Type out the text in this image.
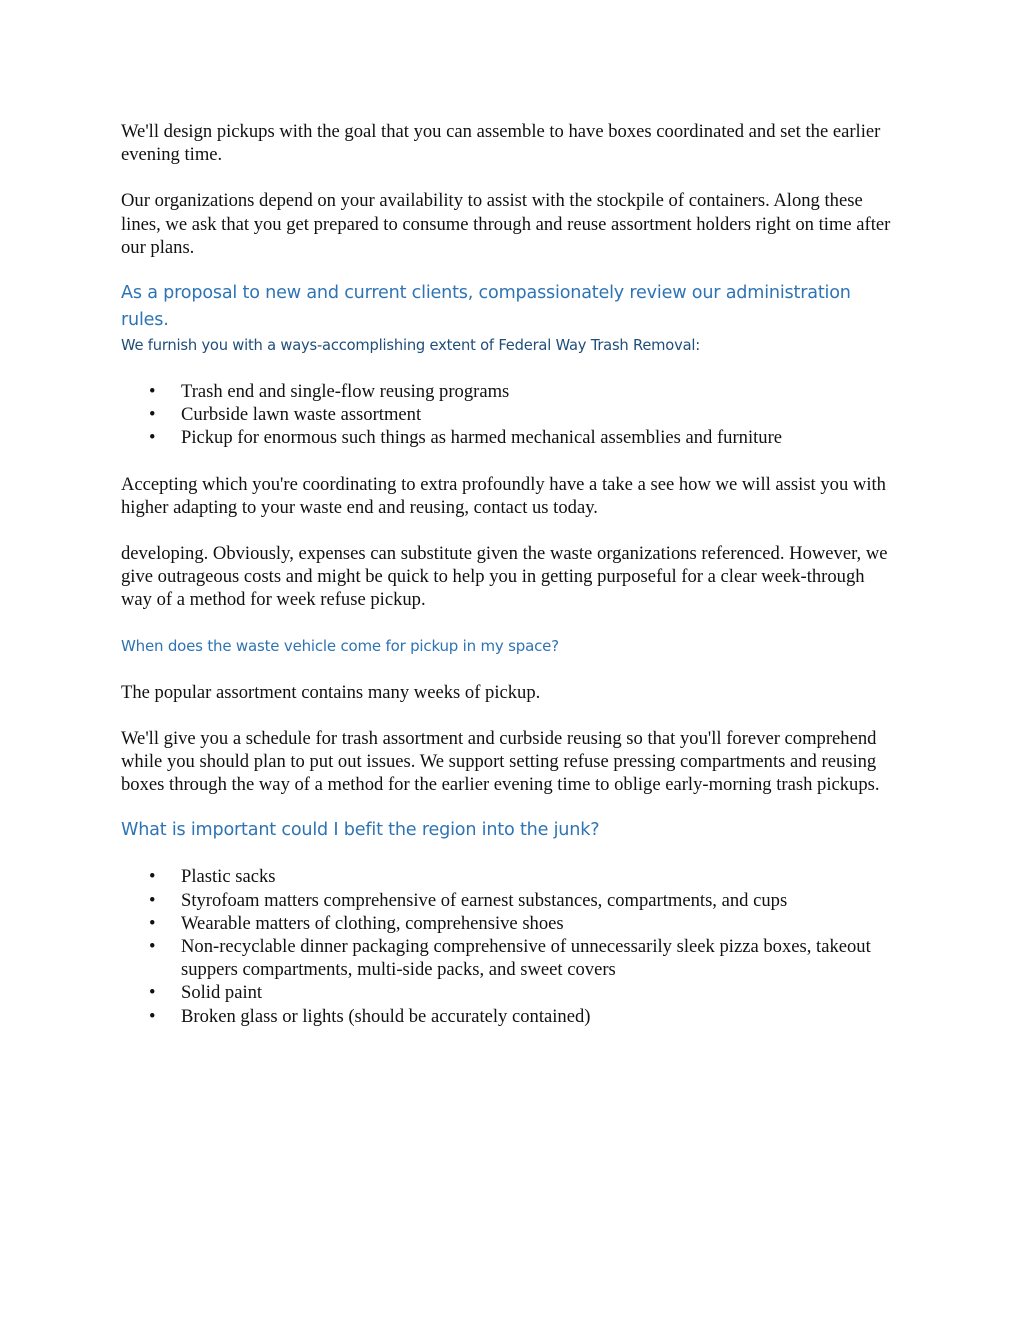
We'll design pickups with the goal that you can assemble to have boxes coordinated and set the earlier evening time.

Our organizations depend on your availability to assist with the stockpile of containers. Along these lines, we ask that you get prepared to consume through and reuse assortment holders right on time after our plans.

As a proposal to new and current clients, compassionately review our administration rules.
We furnish you with a ways-accomplishing extent of Federal Way Trash Removal:
• Trash end and single-flow reusing programs
• Curbside lawn waste assortment
• Pickup for enormous such things as harmed mechanical assemblies and furniture

Accepting which you're coordinating to extra profoundly have a take a see how we will assist you with higher adapting to your waste end and reusing, contact us today.

developing. Obviously, expenses can substitute given the waste organizations referenced. However, we give outrageous costs and might be quick to help you in getting purposeful for a clear week-through way of a method for week refuse pickup.

When does the waste vehicle come for pickup in my space?

The popular assortment contains many weeks of pickup.

We'll give you a schedule for trash assortment and curbside reusing so that you'll forever comprehend while you should plan to put out issues. We support setting refuse pressing compartments and reusing boxes through the way of a method for the earlier evening time to oblige early-morning trash pickups.

What is important could I befit the region into the junk?
• Plastic sacks
• Styrofoam matters comprehensive of earnest substances, compartments, and cups
• Wearable matters of clothing, comprehensive shoes
• Non-recyclable dinner packaging comprehensive of unnecessarily sleek pizza boxes, takeout suppers compartments, multi-side packs, and sweet covers
• Solid paint
• Broken glass or lights (should be accurately contained)
